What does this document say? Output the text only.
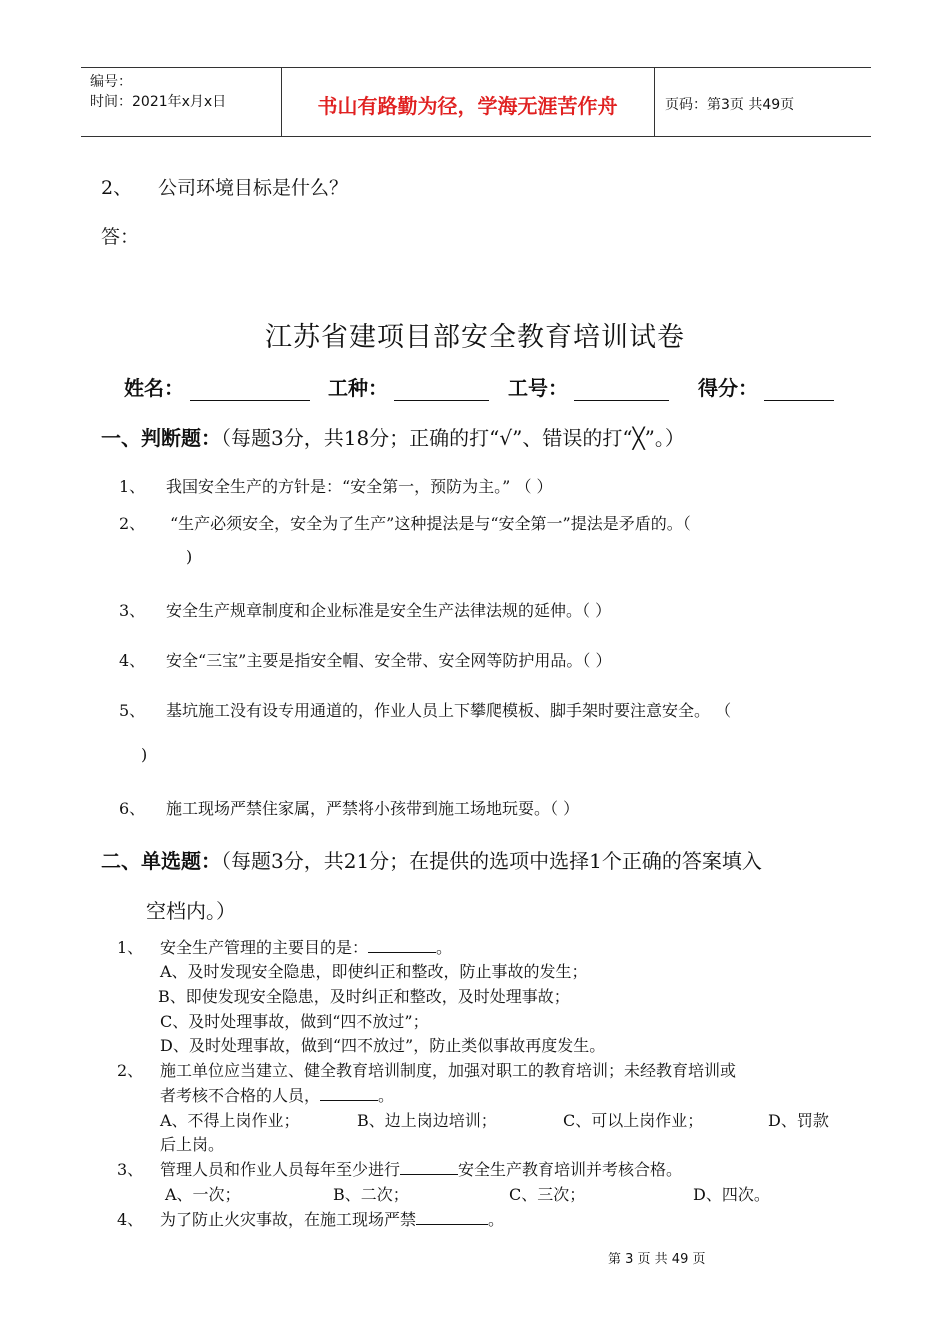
编号：
时间：2021年x月x日	书山有路勤为径，学海无涯苦作舟	页码：第3页 共49页
2、 公司环境目标是什么？
答：
江苏省建项目部安全教育培训试卷
姓名：	工种：	工号：	得分：
一、判断题：（每题3分，共18分；正确的打“√”、错误的打“╳”。）
1、 我国安全生产的方针是：“安全第一，预防为主。” （ ）
2、 “生产必须安全，安全为了生产”这种提法是与“安全第一”提法是矛盾的。（
)
3、 安全生产规章制度和企业标准是安全生产法律法规的延伸。（ ）
4、 安全“三宝”主要是指安全帽、安全带、安全网等防护用品。（ ）
5、 基坑施工没有设专用通道的，作业人员上下攀爬模板、脚手架时要注意安全。 （
)
6、 施工现场严禁住家属，严禁将小孩带到施工场地玩耍。（ ）
二、单选题：（每题3分，共21分；在提供的选项中选择1个正确的答案填入
空档内。）
1、 安全生产管理的主要目的是：	。
A、及时发现安全隐患，即使纠正和整改，防止事故的发生；
B、即使发现安全隐患，及时纠正和整改，及时处理事故；
C、及时处理事故，做到“四不放过”；
D、及时处理事故，做到“四不放过”，防止类似事故再度发生。
2、 施工单位应当建立、健全教育培训制度，加强对职工的教育培训；未经教育培训或
者考核不合格的人员，	。
A、不得上岗作业；	B、边上岗边培训；	C、可以上岗作业；	D、罚款
后上岗。
3、 管理人员和作业人员每年至少进行	安全生产教育培训并考核合格。
A、一次；	B、二次；	C、三次；	D、四次。
4、 为了防止火灾事故，在施工现场严禁	。
第 3 页 共 49 页
